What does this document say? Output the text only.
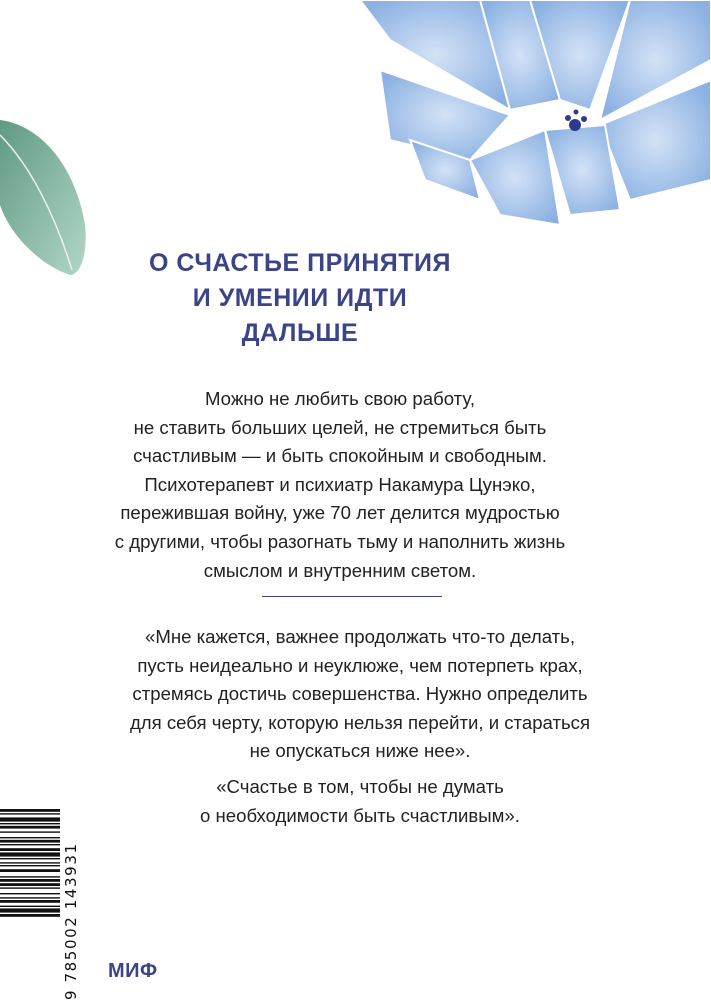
О СЧАСТЬЕ ПРИНЯТИЯ
И УМЕНИИ ИДТИ
ДАЛЬШЕ
Можно не любить свою работу,
не ставить больших целей, не стремиться быть
счастливым — и быть спокойным и свободным.
Психотерапевт и психиатр Накамура Цунэко,
пережившая войну, уже 70 лет делится мудростью
с другими, чтобы разогнать тьму и наполнить жизнь
смыслом и внутренним светом.
«Мне кажется, важнее продолжать что-то делать,
пусть неидеально и неуклюже, чем потерпеть крах,
стремясь достичь совершенства. Нужно определить
для себя черту, которую нельзя перейти, и стараться
не опускаться ниже нее».
«Счастье в том, чтобы не думать
о необходимости быть счастливым».
9 785002 143931 МИФ
